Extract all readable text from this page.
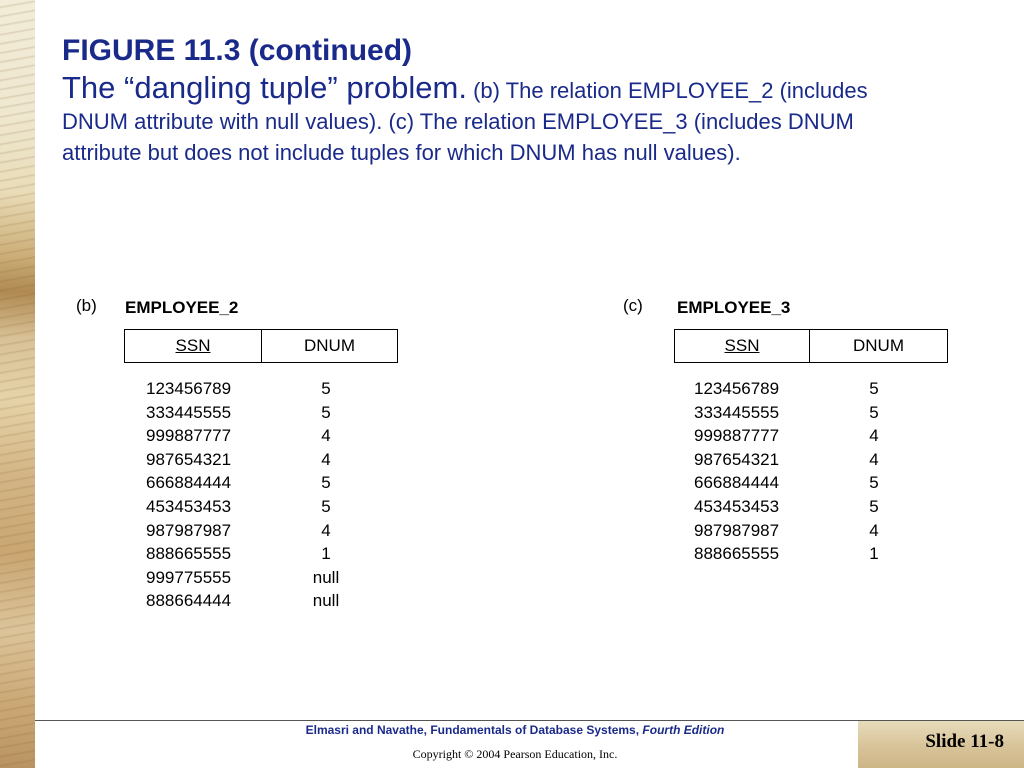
FIGURE 11.3 (continued)
The “dangling tuple” problem. (b) The relation EMPLOYEE_2 (includes DNUM attribute with null values). (c) The relation EMPLOYEE_3 (includes DNUM attribute but does not include tuples for which DNUM has null values).
(b) EMPLOYEE_2
SSN	DNUM
123456789	5
333445555	5
999887777	4
987654321	4
666884444	5
453453453	5
987987987	4
888665555	1
999775555	null
888664444	null
(c) EMPLOYEE_3
SSN	DNUM
123456789	5
333445555	5
999887777	4
987654321	4
666884444	5
453453453	5
987987987	4
888665555	1
Elmasri and Navathe, Fundamentals of Database Systems, Fourth Edition
Copyright © 2004 Pearson Education, Inc.
Slide 11-8
